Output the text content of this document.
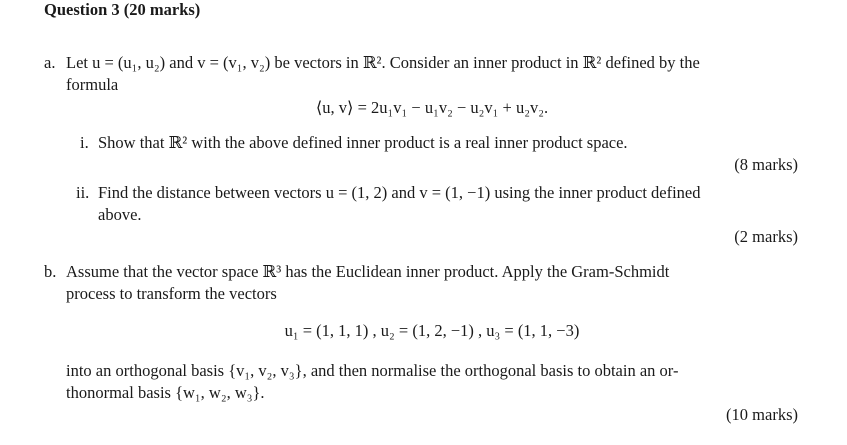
Question 3 (20 marks)
a. Let u = (u₁, u₂) and v = (v₁, v₂) be vectors in ℝ². Consider an inner product in ℝ² defined by the
formula
⟨u, v⟩ = 2u₁v₁ − u₁v₂ − u₂v₁ + u₂v₂.
i. Show that ℝ² with the above defined inner product is a real inner product space.
(8 marks)
ii. Find the distance between vectors u = (1, 2) and v = (1, −1) using the inner product defined
above.
(2 marks)
b. Assume that the vector space ℝ³ has the Euclidean inner product. Apply the Gram-Schmidt
process to transform the vectors
u₁ = (1, 1, 1) , u₂ = (1, 2, −1) , u₃ = (1, 1, −3)
into an orthogonal basis {v₁, v₂, v₃}, and then normalise the orthogonal basis to obtain an or-
thonormal basis {w₁, w₂, w₃}.
(10 marks)
